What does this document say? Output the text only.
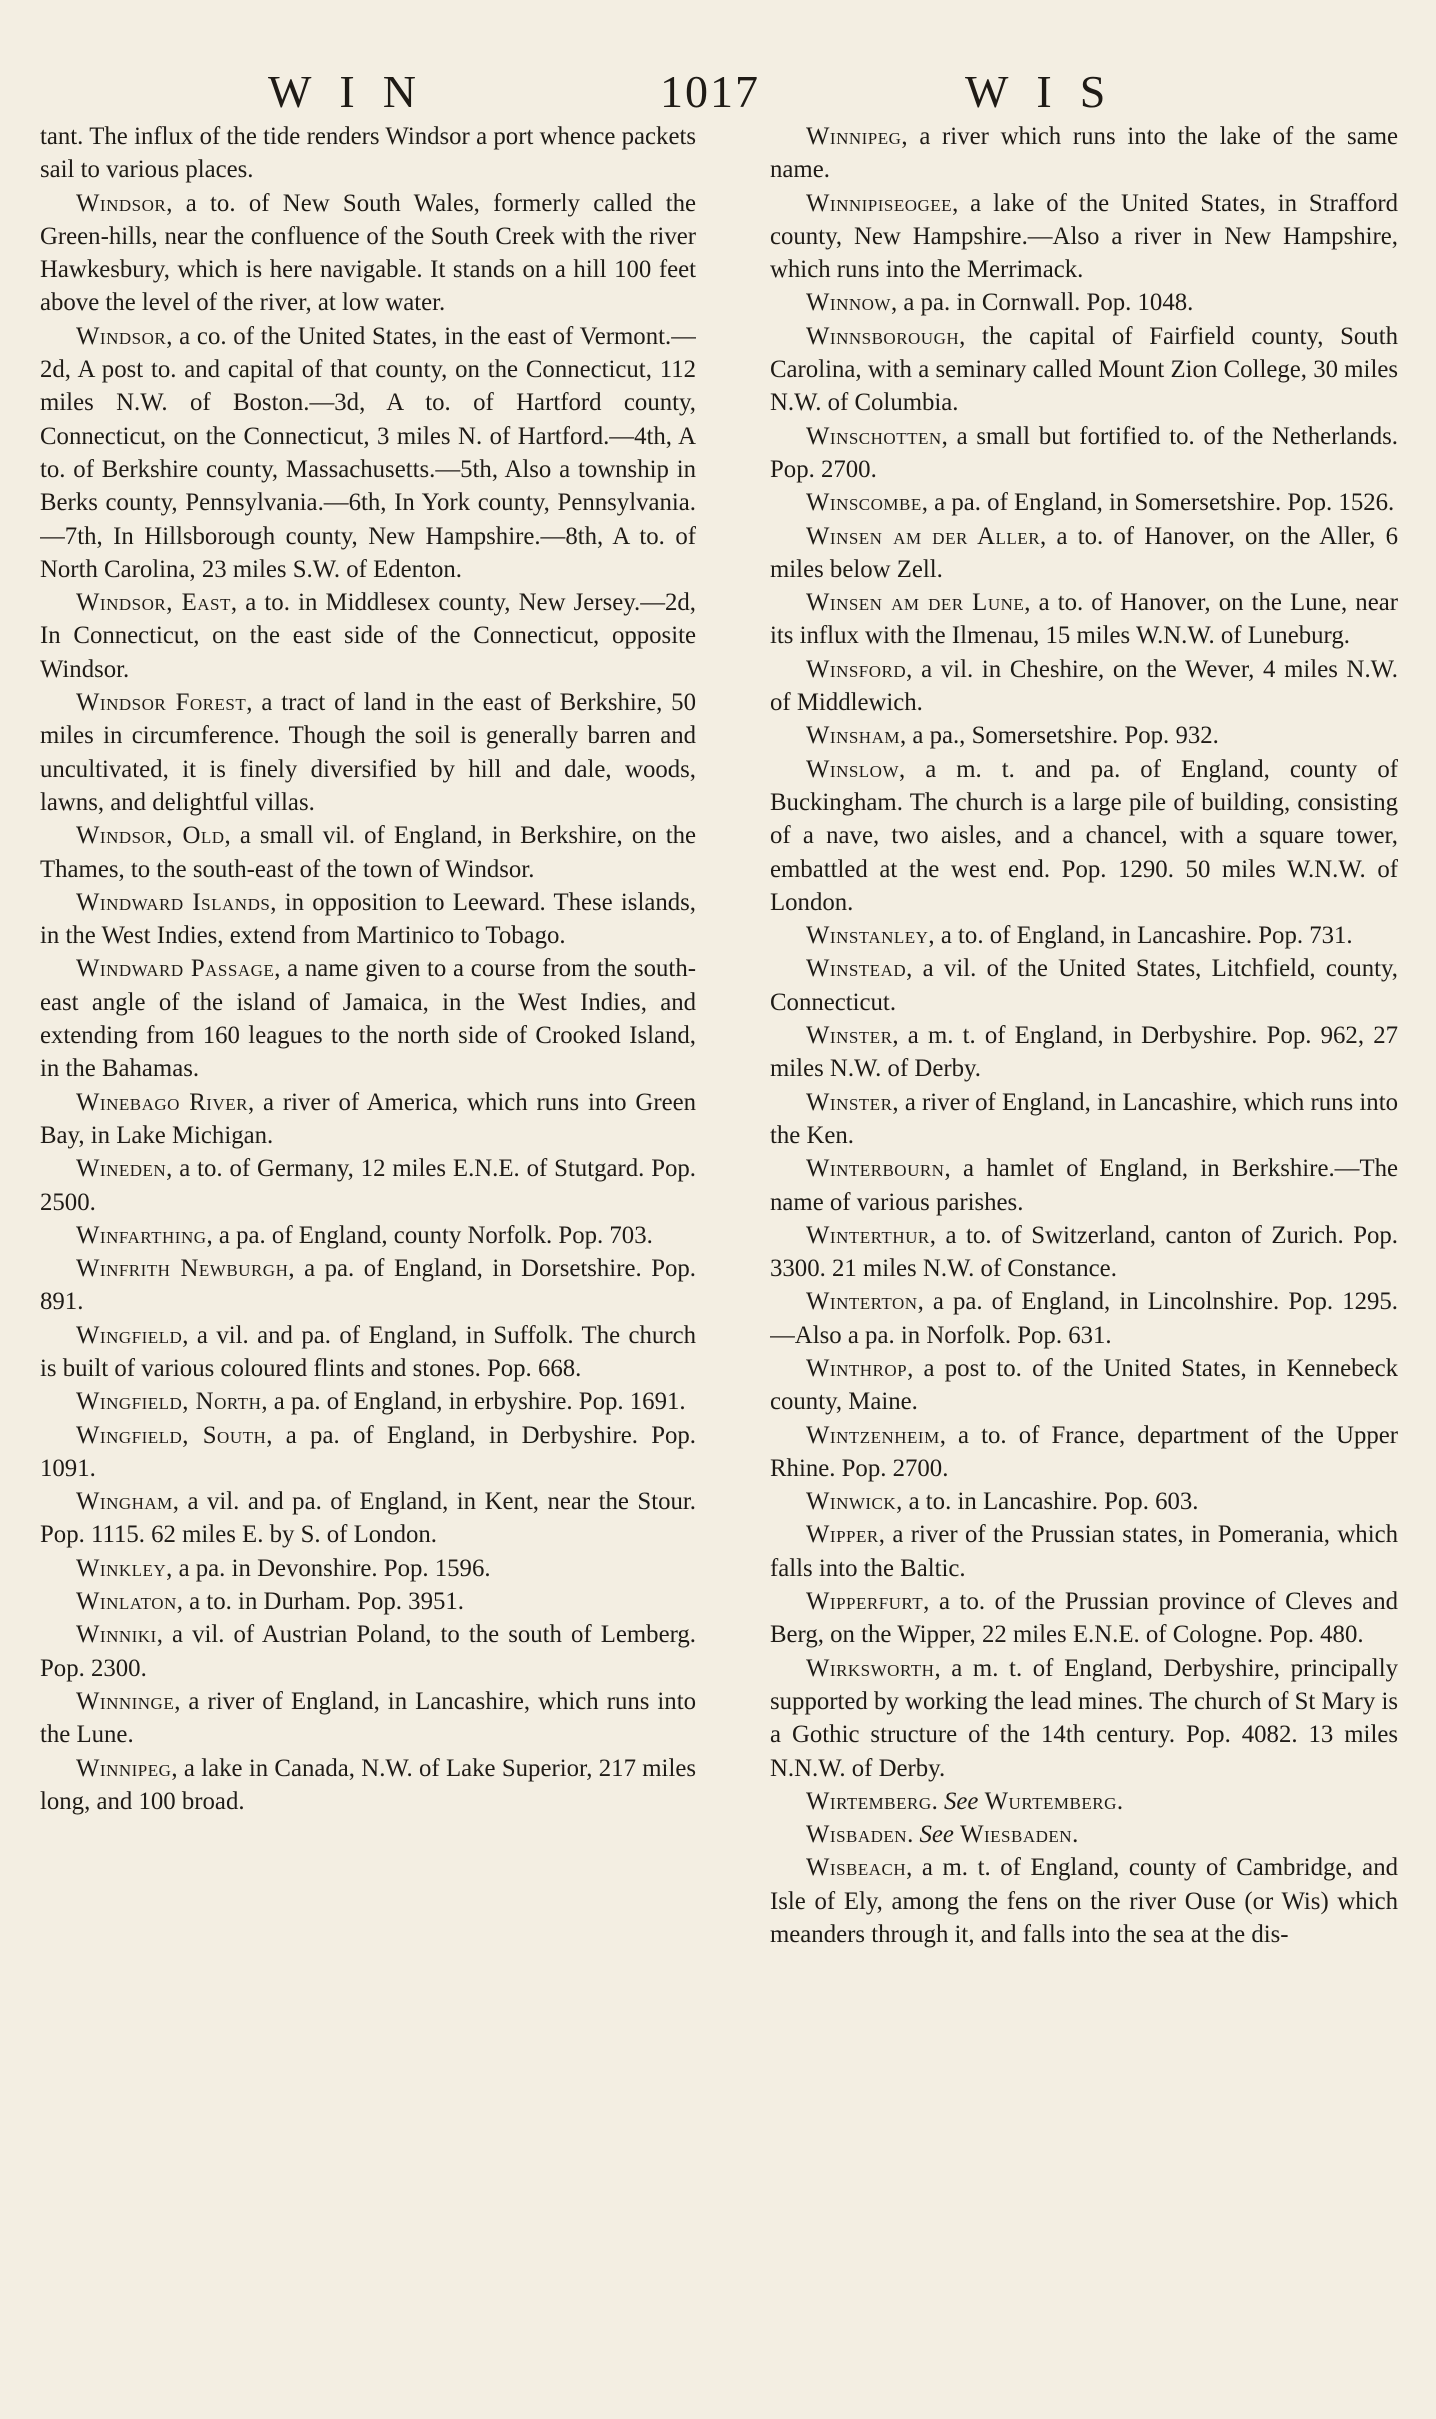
WIN	1017	WIS

tant. The influx of the tide renders Windsor a port whence packets sail to various places.

Windsor, a to. of New South Wales, formerly called the Green-hills, near the confluence of the South Creek with the river Hawkesbury, which is here navigable. It stands on a hill 100 feet above the level of the river, at low water.

Windsor, a co. of the United States, in the east of Vermont.—2d, A post to. and capital of that county, on the Connecticut, 112 miles N.W. of Boston.—3d, A to. of Hartford county, Connecticut, on the Connecticut, 3 miles N. of Hartford.—4th, A to. of Berkshire county, Massachusetts.—5th, Also a township in Berks county, Pennsylvania.—6th, In York county, Pennsylvania.—7th, In Hillsborough county, New Hampshire.—8th, A to. of North Carolina, 23 miles S.W. of Edenton.

Windsor, East, a to. in Middlesex county, New Jersey.—2d, In Connecticut, on the east side of the Connecticut, opposite Windsor.

Windsor Forest, a tract of land in the east of Berkshire, 50 miles in circumference. Though the soil is generally barren and uncultivated, it is finely diversified by hill and dale, woods, lawns, and delightful villas.

Windsor, Old, a small vil. of England, in Berkshire, on the Thames, to the south-east of the town of Windsor.

Windward Islands, in opposition to Leeward. These islands, in the West Indies, extend from Martinico to Tobago.

Windward Passage, a name given to a course from the south-east angle of the island of Jamaica, in the West Indies, and extending from 160 leagues to the north side of Crooked Island, in the Bahamas.

Winebago River, a river of America, which runs into Green Bay, in Lake Michigan.

Wineden, a to. of Germany, 12 miles E.N.E. of Stutgard. Pop. 2500.

Winfarthing, a pa. of England, county Norfolk. Pop. 703.

Winfrith Newburgh, a pa. of England, in Dorsetshire. Pop. 891.

Wingfield, a vil. and pa. of England, in Suffolk. The church is built of various coloured flints and stones. Pop. 668.

Wingfield, North, a pa. of England, in erbyshire. Pop. 1691.

Wingfield, South, a pa. of England, in Derbyshire. Pop. 1091.

Wingham, a vil. and pa. of England, in Kent, near the Stour. Pop. 1115. 62 miles E. by S. of London.

Winkley, a pa. in Devonshire. Pop. 1596.

Winlaton, a to. in Durham. Pop. 3951.

Winniki, a vil. of Austrian Poland, to the south of Lemberg. Pop. 2300.

Winninge, a river of England, in Lancashire, which runs into the Lune.

Winnipeg, a lake in Canada, N.W. of Lake Superior, 217 miles long, and 100 broad.

Winnipeg, a river which runs into the lake of the same name.

Winnipiseogee, a lake of the United States, in Strafford county, New Hampshire.—Also a river in New Hampshire, which runs into the Merrimack.

Winnow, a pa. in Cornwall. Pop. 1048.

Winnsborough, the capital of Fairfield county, South Carolina, with a seminary called Mount Zion College, 30 miles N.W. of Columbia.

Winschotten, a small but fortified to. of the Netherlands. Pop. 2700.

Winscombe, a pa. of England, in Somersetshire. Pop. 1526.

Winsen am der Aller, a to. of Hanover, on the Aller, 6 miles below Zell.

Winsen am der Lune, a to. of Hanover, on the Lune, near its influx with the Ilmenau, 15 miles W.N.W. of Luneburg.

Winsford, a vil. in Cheshire, on the Wever, 4 miles N.W. of Middlewich.

Winsham, a pa., Somersetshire. Pop. 932.

Winslow, a m. t. and pa. of England, county of Buckingham. The church is a large pile of building, consisting of a nave, two aisles, and a chancel, with a square tower, embattled at the west end. Pop. 1290. 50 miles W.N.W. of London.

Winstanley, a to. of England, in Lancashire. Pop. 731.

Winstead, a vil. of the United States, Litchfield, county, Connecticut.

Winster, a m. t. of England, in Derbyshire. Pop. 962, 27 miles N.W. of Derby.

Winster, a river of England, in Lancashire, which runs into the Ken.

Winterbourn, a hamlet of England, in Berkshire.—The name of various parishes.

Winterthur, a to. of Switzerland, canton of Zurich. Pop. 3300. 21 miles N.W. of Constance.

Winterton, a pa. of England, in Lincolnshire. Pop. 1295.—Also a pa. in Norfolk. Pop. 631.

Winthrop, a post to. of the United States, in Kennebeck county, Maine.

Wintzenheim, a to. of France, department of the Upper Rhine. Pop. 2700.

Winwick, a to. in Lancashire. Pop. 603.

Wipper, a river of the Prussian states, in Pomerania, which falls into the Baltic.

Wipperfurt, a to. of the Prussian province of Cleves and Berg, on the Wipper, 22 miles E.N.E. of Cologne. Pop. 480.

Wirksworth, a m. t. of England, Derbyshire, principally supported by working the lead mines. The church of St Mary is a Gothic structure of the 14th century. Pop. 4082. 13 miles N.N.W. of Derby.

Wirtemberg. See Wurtemberg.

Wisbaden. See Wiesbaden.

Wisbeach, a m. t. of England, county of Cambridge, and Isle of Ely, among the fens on the river Ouse (or Wis) which meanders through it, and falls into the sea at the dis-
